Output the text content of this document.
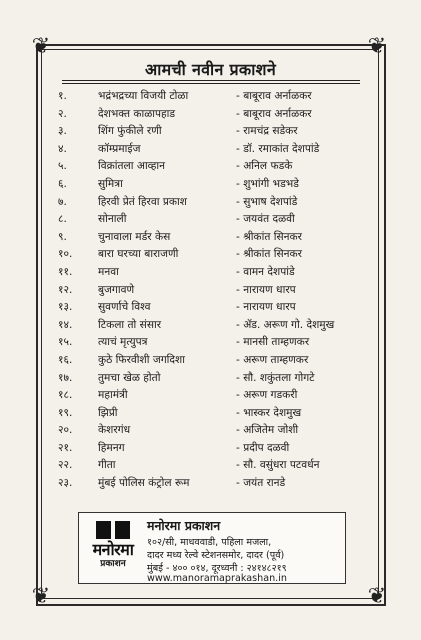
❦	❦
❦	❦
आमची नवीन प्रकाशने
१.	भद्रंभद्रच्या विजयी टोळा	- बाबूराव अर्नाळकर
२.	देशभक्त काळापहाड	- बाबूराव अर्नाळकर
३.	शिंग फुंकीले रणी	- रामचंद्र सडेकर
४.	कॉम्प्रमाईज	- डॉ. रमाकांत देशपांडे
५.	विक्रांतला आव्हान	- अनिल फडके
६.	सुमित्रा	- शुभांगी भडभडे
७.	हिरवी प्रेतं हिरवा प्रकाश	- सुभाष देशपांडे
८.	सोनाली	- जयवंत दळवी
९.	चुनावाला मर्डर केस	- श्रीकांत सिनकर
१०.	बारा घरच्या बाराजणी	- श्रीकांत सिनकर
११.	मनवा	- वामन देशपांडे
१२.	बुजगावणे	- नारायण धारप
१३.	सुवर्णाचे विश्व	- नारायण धारप
१४.	टिकला तो संसार	- ॲड. अरूण गो. देशमुख
१५.	त्याचं मृत्युपत्र	- मानसी ताम्हणकर
१६.	कुठे फिरवीशी जगदिशा	- अरूण ताम्हणकर
१७.	तुमचा खेळ होतो	- सौ. शकुंतला गोगटे
१८.	महामंत्री	- अरूण गडकरी
१९.	झिप्री	- भास्कर देशमुख
२०.	केशरगंध	- अजितेम जोशी
२१.	हिमनग	- प्रदीप दळवी
२२.	गीता	- सौ. वसुंधरा पटवर्धन
२३.	मुंबई पोलिस कंट्रोल रूम	- जयंत रानडे
मनोरमा
प्रकाशन
मनोरमा प्रकाशन
१०२/सी, माधववाडी, पहिला मजला,
दादर मध्य रेल्वे स्टेशनसमोर, दादर (पूर्व)
मुंबई - ४०० ०१४, दूरध्वनी : २४१४८२१९
www.manoramaprakashan.in
